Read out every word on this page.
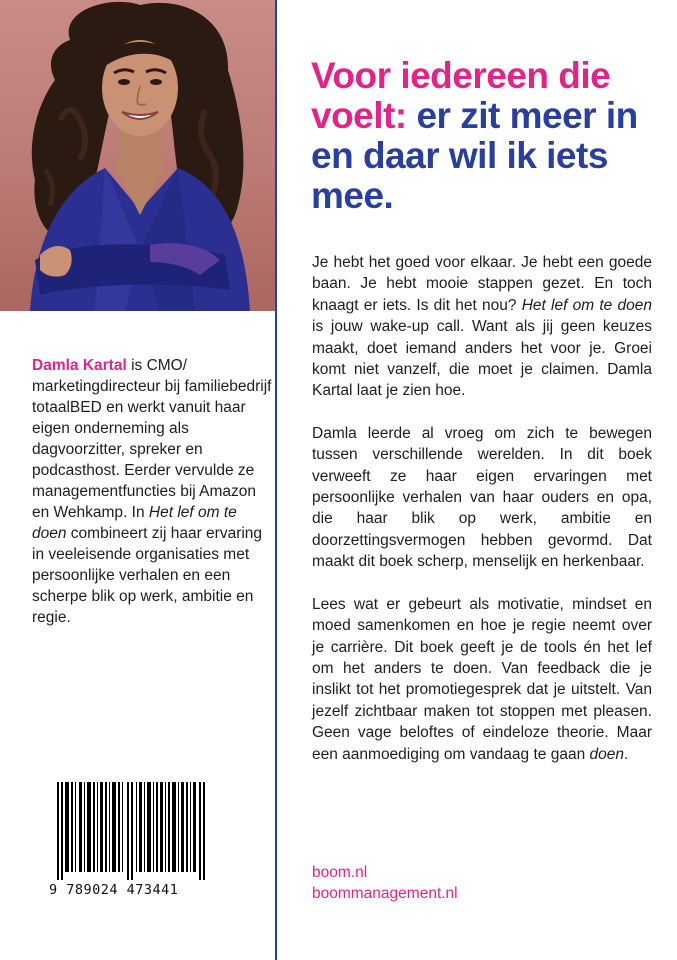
Damla Kartal is CMO/ marketingdirecteur bij familiebedrijf totaalBED en werkt vanuit haar eigen onderneming als dagvoorzitter, spreker en podcasthost. Eerder vervulde ze managementfuncties bij Amazon en Wehkamp. In Het lef om te doen combineert zij haar ervaring in veeleisende organisaties met persoonlijke verhalen en een scherpe blik op werk, ambitie en regie.

9 789024 473441
Voor iedereen die voelt: er zit meer in en daar wil ik iets mee.

Je hebt het goed voor elkaar. Je hebt een goede baan. Je hebt mooie stappen gezet. En toch knaagt er iets. Is dit het nou? Het lef om te doen is jouw wake-up call. Want als jij geen keuzes maakt, doet iemand anders het voor je. Groei komt niet vanzelf, die moet je claimen. Damla Kartal laat je zien hoe.

Damla leerde al vroeg om zich te bewegen tussen verschillende werelden. In dit boek verweeft ze haar eigen ervaringen met persoonlijke verhalen van haar ouders en opa, die haar blik op werk, ambitie en doorzettingsvermogen hebben gevormd. Dat maakt dit boek scherp, menselijk en herkenbaar.

Lees wat er gebeurt als motivatie, mindset en moed samenkomen en hoe je regie neemt over je carrière. Dit boek geeft je de tools én het lef om het anders te doen. Van feedback die je inslikt tot het promotiegesprek dat je uitstelt. Van jezelf zichtbaar maken tot stoppen met pleasen. Geen vage beloftes of eindeloze theorie. Maar een aanmoediging om vandaag te gaan doen.

boom.nl
boommanagement.nl
